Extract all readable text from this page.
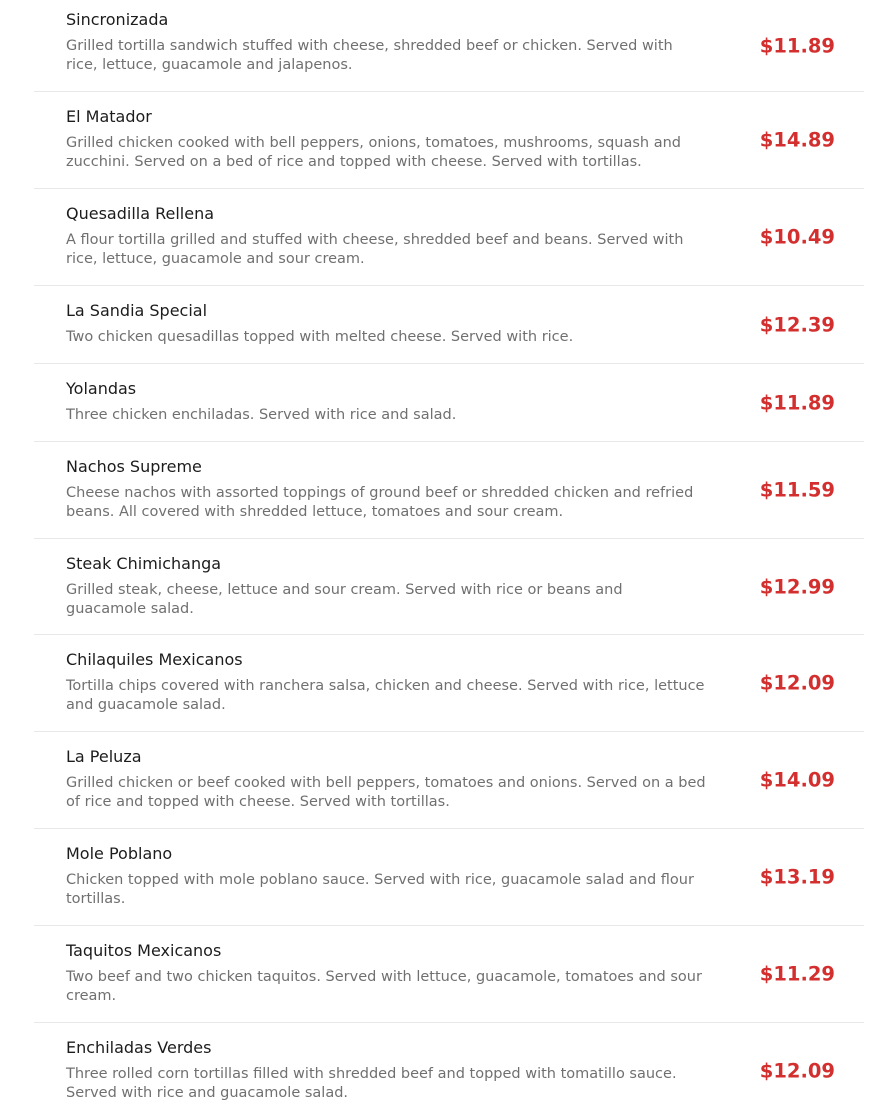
Sincronizada
Grilled tortilla sandwich stuffed with cheese, shredded beef or chicken. Served with rice, lettuce, guacamole and jalapenos.
$11.89
El Matador
Grilled chicken cooked with bell peppers, onions, tomatoes, mushrooms, squash and zucchini. Served on a bed of rice and topped with cheese. Served with tortillas.
$14.89
Quesadilla Rellena
A flour tortilla grilled and stuffed with cheese, shredded beef and beans. Served with rice, lettuce, guacamole and sour cream.
$10.49
La Sandia Special
Two chicken quesadillas topped with melted cheese. Served with rice.
$12.39
Yolandas
Three chicken enchiladas. Served with rice and salad.
$11.89
Nachos Supreme
Cheese nachos with assorted toppings of ground beef or shredded chicken and refried beans. All covered with shredded lettuce, tomatoes and sour cream.
$11.59
Steak Chimichanga
Grilled steak, cheese, lettuce and sour cream. Served with rice or beans and guacamole salad.
$12.99
Chilaquiles Mexicanos
Tortilla chips covered with ranchera salsa, chicken and cheese. Served with rice, lettuce and guacamole salad.
$12.09
La Peluza
Grilled chicken or beef cooked with bell peppers, tomatoes and onions. Served on a bed of rice and topped with cheese. Served with tortillas.
$14.09
Mole Poblano
Chicken topped with mole poblano sauce. Served with rice, guacamole salad and flour tortillas.
$13.19
Taquitos Mexicanos
Two beef and two chicken taquitos. Served with lettuce, guacamole, tomatoes and sour cream.
$11.29
Enchiladas Verdes
Three rolled corn tortillas filled with shredded beef and topped with tomatillo sauce. Served with rice and guacamole salad.
$12.09
